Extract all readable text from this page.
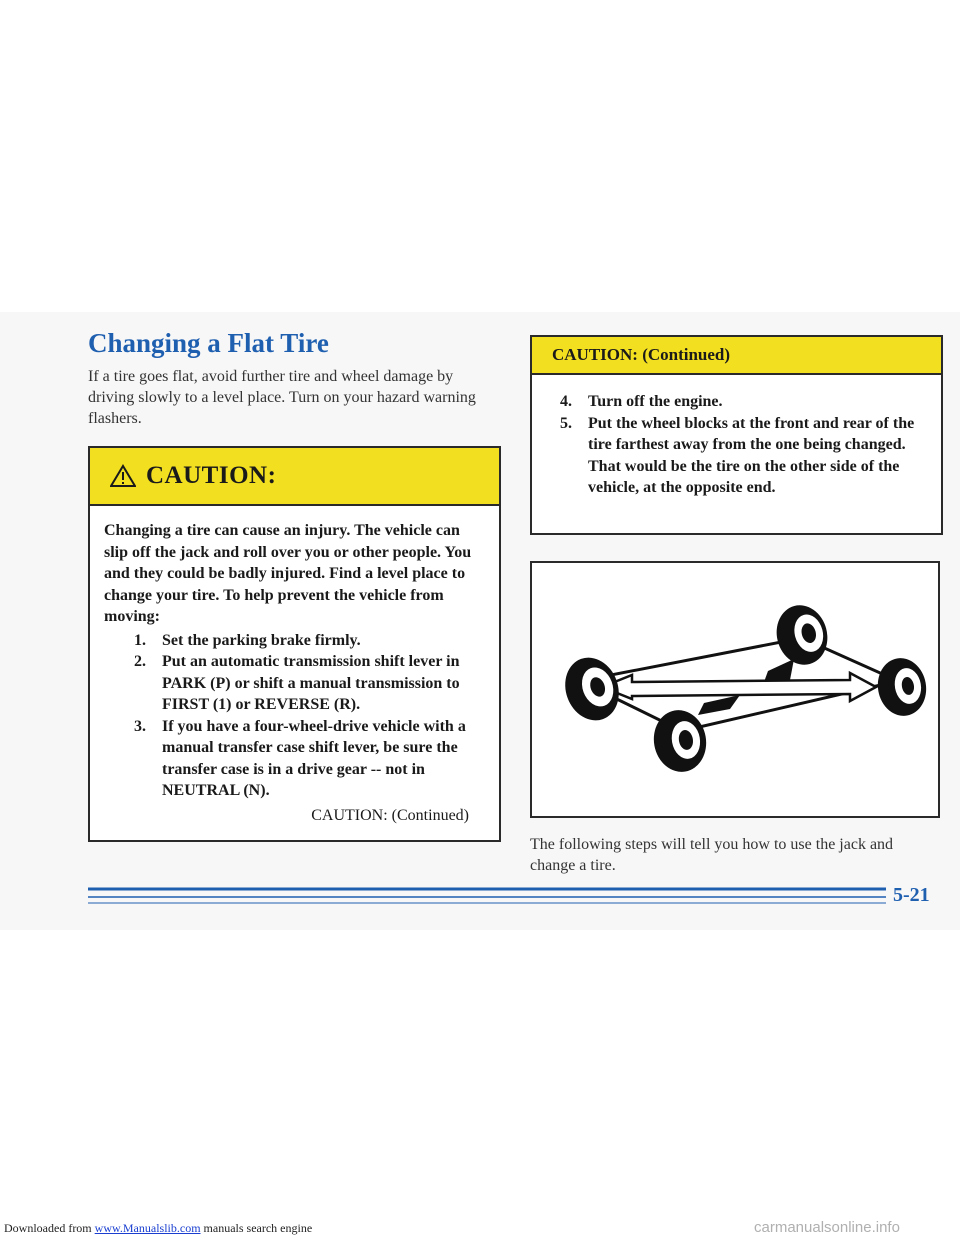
Changing a Flat Tire
If a tire goes flat, avoid further tire and wheel damage by driving slowly to a level place. Turn on your hazard warning flashers.
CAUTION:
Changing a tire can cause an injury. The vehicle can slip off the jack and roll over you or other people. You and they could be badly injured. Find a level place to change your tire. To help prevent the vehicle from moving:
1.	Set the parking brake firmly.
2.	Put an automatic transmission shift lever in PARK (P) or shift a manual transmission to FIRST (1) or REVERSE (R).
3.	If you have a four-wheel-drive vehicle with a manual transfer case shift lever, be sure the transfer case is in a drive gear -- not in NEUTRAL (N).
CAUTION: (Continued)
CAUTION: (Continued)
4.	Turn off the engine.
5.	Put the wheel blocks at the front and rear of the tire farthest away from the one being changed. That would be the tire on the other side of the vehicle, at the opposite end.
The following steps will tell you how to use the jack and change a tire.
5-21
Downloaded from www.Manualslib.com manuals search engine	carmanualsonline.info
